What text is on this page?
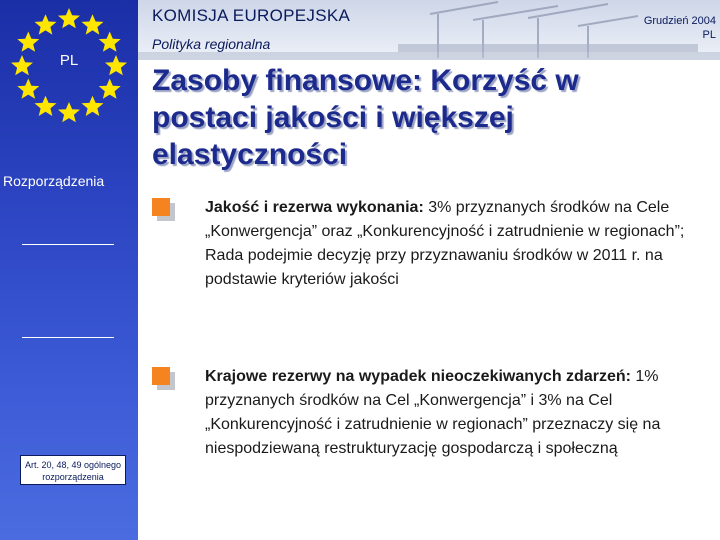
PL
Rozporządzenia
Art. 20, 48, 49 ogólnego rozporządzenia
KOMISJA EUROPEJSKA
Polityka regionalna
Grudzień 2004
PL
Zasoby finansowe: Korzyść w postaci jakości i większej elastyczności
Jakość i rezerwa wykonania: 3% przyznanych środków na Cele „Konwergencja” oraz „Konkurencyjność i zatrudnienie w regionach”; Rada podejmie decyzję przy przyznawaniu środków w 2011 r. na podstawie kryteriów jakości
Krajowe rezerwy na wypadek nieoczekiwanych zdarzeń: 1% przyznanych środków na Cel „Konwergencja” i 3% na Cel „Konkurencyjność i zatrudnienie w regionach” przeznaczy się na niespodziewaną restrukturyzację gospodarczą i społeczną
